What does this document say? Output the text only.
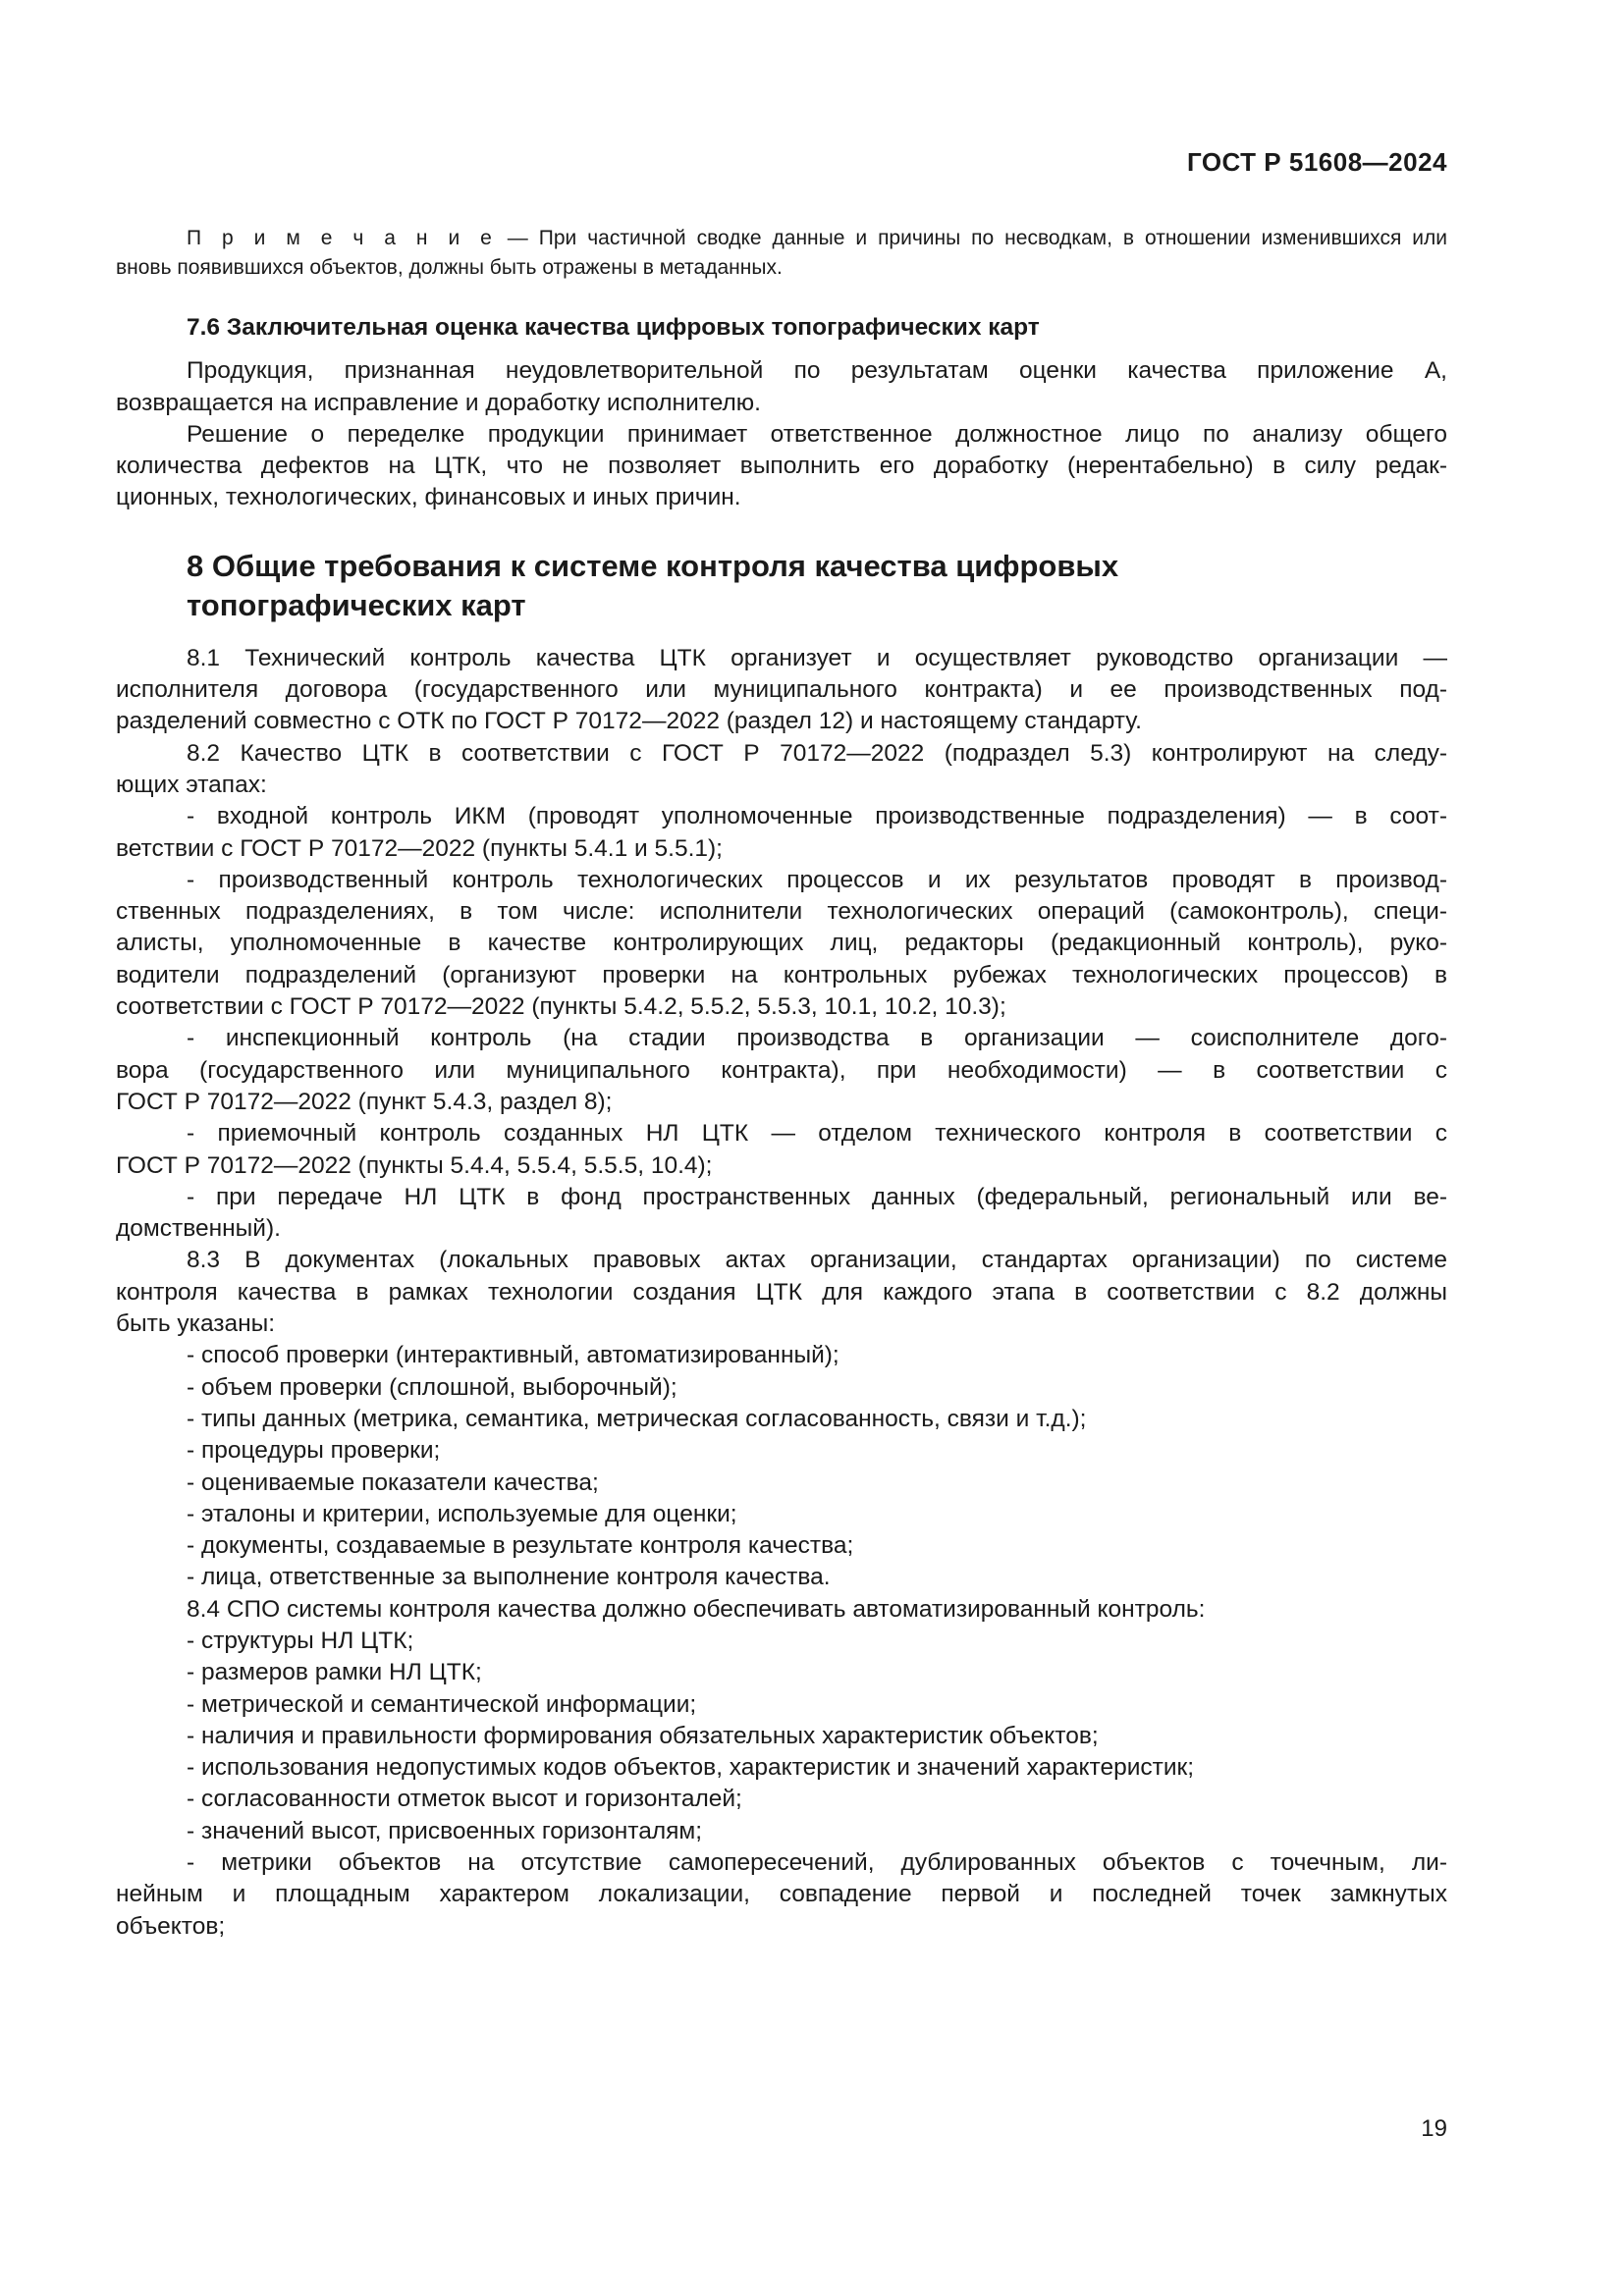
ГОСТ Р 51608—2024
П р и м е ч а н и е — При частичной сводке данные и причины по несводкам, в отношении изменившихся или
вновь появившихся объектов, должны быть отражены в метаданных.
7.6 Заключительная оценка качества цифровых топографических карт
Продукция, признанная неудовлетворительной по результатам оценки качества приложение А,
возвращается на исправление и доработку исполнителю.
Решение о переделке продукции принимает ответственное должностное лицо по анализу общего
количества дефектов на ЦТК, что не позволяет выполнить его доработку (нерентабельно) в силу редак-
ционных, технологических, финансовых и иных причин.
8 Общие требования к системе контроля качества цифровых
топографических карт
8.1 Технический контроль качества ЦТК организует и осуществляет руководство организации —
исполнителя договора (государственного или муниципального контракта) и ее производственных под-
разделений совместно с ОТК по ГОСТ Р 70172—2022 (раздел 12) и настоящему стандарту.
8.2 Качество ЦТК в соответствии с ГОСТ Р 70172—2022 (подраздел 5.3) контролируют на следу-
ющих этапах:
- входной контроль ИКМ (проводят уполномоченные производственные подразделения) — в соот-
ветствии с ГОСТ Р 70172—2022 (пункты 5.4.1 и 5.5.1);
- производственный контроль технологических процессов и их результатов проводят в производ-
ственных подразделениях, в том числе: исполнители технологических операций (самоконтроль), специ-
алисты, уполномоченные в качестве контролирующих лиц, редакторы (редакционный контроль), руко-
водители подразделений (организуют проверки на контрольных рубежах технологических процессов) в
соответствии с ГОСТ Р 70172—2022 (пункты 5.4.2, 5.5.2, 5.5.3, 10.1, 10.2, 10.3);
- инспекционный контроль (на стадии производства в организации — соисполнителе дого-
вора (государственного или муниципального контракта), при необходимости) — в соответствии с
ГОСТ Р 70172—2022 (пункт 5.4.3, раздел 8);
- приемочный контроль созданных НЛ ЦТК — отделом технического контроля в соответствии с
ГОСТ Р 70172—2022 (пункты 5.4.4, 5.5.4, 5.5.5, 10.4);
- при передаче НЛ ЦТК в фонд пространственных данных (федеральный, региональный или ве-
домственный).
8.3 В документах (локальных правовых актах организации, стандартах организации) по системе
контроля качества в рамках технологии создания ЦТК для каждого этапа в соответствии с 8.2 должны
быть указаны:
- способ проверки (интерактивный, автоматизированный);
- объем проверки (сплошной, выборочный);
- типы данных (метрика, семантика, метрическая согласованность, связи и т.д.);
- процедуры проверки;
- оцениваемые показатели качества;
- эталоны и критерии, используемые для оценки;
- документы, создаваемые в результате контроля качества;
- лица, ответственные за выполнение контроля качества.
8.4 СПО системы контроля качества должно обеспечивать автоматизированный контроль:
- структуры НЛ ЦТК;
- размеров рамки НЛ ЦТК;
- метрической и семантической информации;
- наличия и правильности формирования обязательных характеристик объектов;
- использования недопустимых кодов объектов, характеристик и значений характеристик;
- согласованности отметок высот и горизонталей;
- значений высот, присвоенных горизонталям;
- метрики объектов на отсутствие самопересечений, дублированных объектов с точечным, ли-
нейным и площадным характером локализации, совпадение первой и последней точек замкнутых
объектов;
19
